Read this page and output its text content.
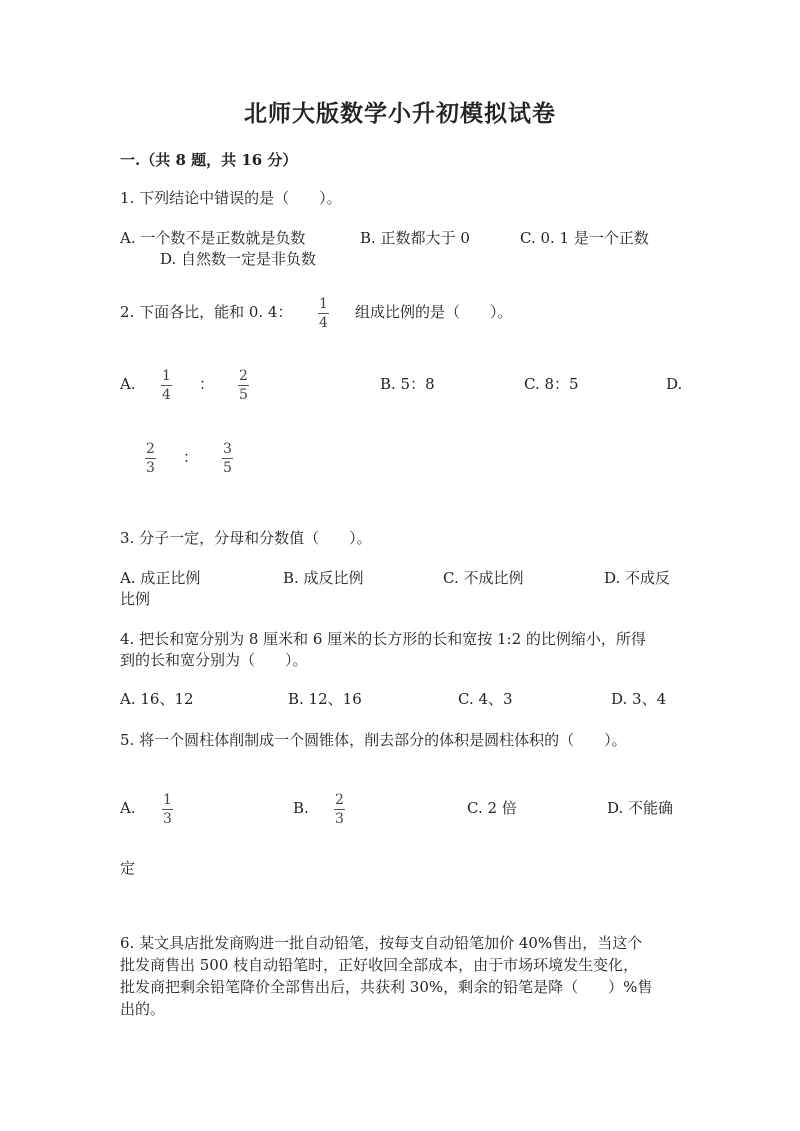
北师大版数学小升初模拟试卷
一.（共 8 题，共 16 分）
1. 下列结论中错误的是（　　）。
A. 一个数不是正数就是负数	B. 正数都大于 0	C. 0. 1 是一个正数
D. 自然数一定是非负数
2. 下面各比，能和 0. 4： 1
4
组成比例的是（　　）。
A. 1
4
： 2
5
B. 5：8	C. 8：5	D.
2
3
： 3
5
3. 分子一定，分母和分数值（　　）。
A. 成正比例	B. 成反比例	C. 不成比例	D. 不成反
比例
4. 把长和宽分别为 8 厘米和 6 厘米的长方形的长和宽按 1:2 的比例缩小，所得
到的长和宽分别为（　　）。
A. 16、12	B. 12、16	C. 4、3	D. 3、4
5. 将一个圆柱体削制成一个圆锥体，削去部分的体积是圆柱体积的（　　）。
A. 1
3
B. 2
3
C. 2 倍	D. 不能确
定
6. 某文具店批发商购进一批自动铅笔，按每支自动铅笔加价 40%售出，当这个
批发商售出 500 枝自动铅笔时，正好收回全部成本，由于市场环境发生变化，
批发商把剩余铅笔降价全部售出后，共获利 30%，剩余的铅笔是降（　　）%售
出的。
